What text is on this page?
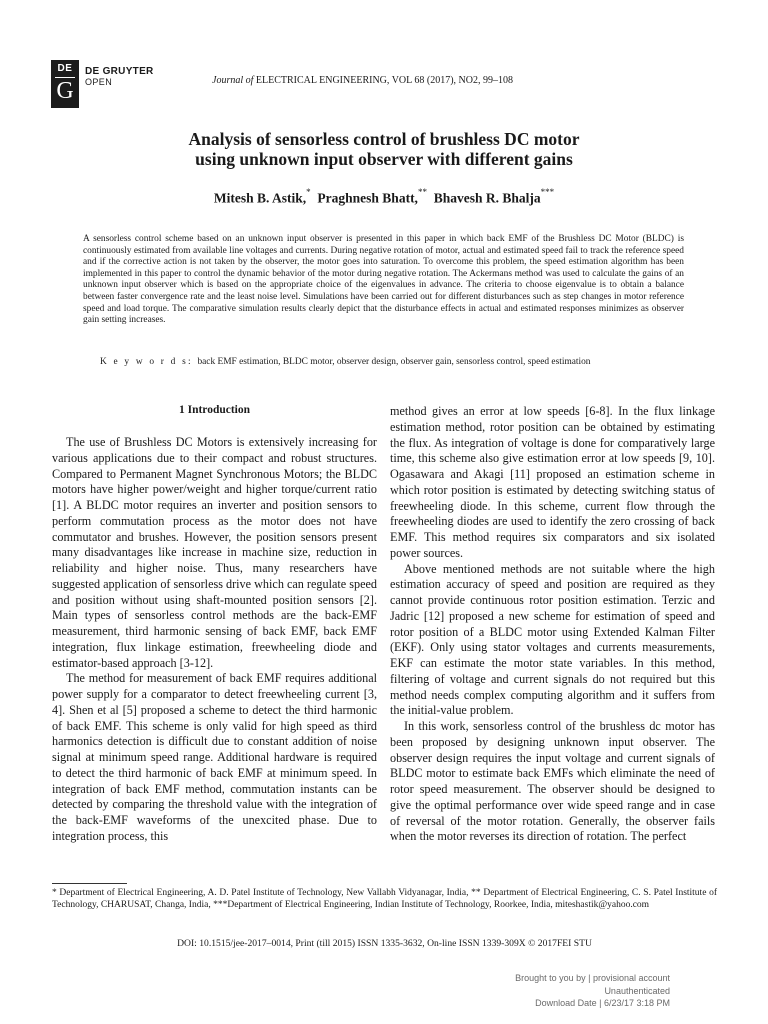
DE
G
DE GRUYTER
OPEN	Journal of ELECTRICAL ENGINEERING, VOL 68 (2017), NO2, 99–108
Analysis of sensorless control of brushless DC motor
using unknown input observer with different gains
Mitesh B. Astik,* Praghnesh Bhatt,** Bhavesh R. Bhalja***
A sensorless control scheme based on an unknown input observer is presented in this paper in which back EMF of the Brushless DC Motor (BLDC) is continuously estimated from available line voltages and currents. During negative rotation of motor, actual and estimated speed fail to track the reference speed and if the corrective action is not taken by the observer, the motor goes into saturation. To overcome this problem, the speed estimation algorithm has been implemented in this paper to control the dynamic behavior of the motor during negative rotation. The Ackermans method was used to calculate the gains of an unknown input observer which is based on the appropriate choice of the eigenvalues in advance. The criteria to choose eigenvalue is to obtain a balance between faster convergence rate and the least noise level. Simulations have been carried out for different disturbances such as step changes in motor reference speed and load torque. The comparative simulation results clearly depict that the disturbance effects in actual and estimated responses minimizes as observer gain setting increases.
K e y w o r d s: back EMF estimation, BLDC motor, observer design, observer gain, sensorless control, speed estimation
1 Introduction

The use of Brushless DC Motors is extensively increasing for various applications due to their compact and robust structures. Compared to Permanent Magnet Synchronous Motors; the BLDC motors have higher power/weight and higher torque/current ratio [1]. A BLDC motor requires an inverter and position sensors to perform commutation process as the motor does not have commutator and brushes. However, the position sensors present many disadvantages like increase in machine size, reduction in reliability and higher noise. Thus, many researchers have suggested application of sensorless drive which can regulate speed and position without using shaft-mounted position sensors [2]. Main types of sensorless control methods are the back-EMF measurement, third harmonic sensing of back EMF, back EMF integration, flux linkage estimation, freewheeling diode and estimator-based approach [3-12].

The method for measurement of back EMF requires additional power supply for a comparator to detect freewheeling current [3, 4]. Shen et al [5] proposed a scheme to detect the third harmonic of back EMF. This scheme is only valid for high speed as third harmonics detection is difficult due to constant addition of noise signal at minimum speed range. Additional hardware is required to detect the third harmonic of back EMF at minimum speed. In integration of back EMF method, commutation instants can be detected by comparing the threshold value with the integration of the back-EMF waveforms of the unexcited phase. Due to integration process, this

method gives an error at low speeds [6-8]. In the flux linkage estimation method, rotor position can be obtained by estimating the flux. As integration of voltage is done for comparatively large time, this scheme also give estimation error at low speeds [9, 10]. Ogasawara and Akagi [11] proposed an estimation scheme in which rotor position is estimated by detecting switching status of freewheeling diode. In this scheme, current flow through the freewheeling diodes are used to identify the zero crossing of back EMF. This method requires six comparators and six isolated power sources.

Above mentioned methods are not suitable where the high estimation accuracy of speed and position are required as they cannot provide continuous rotor position estimation. Terzic and Jadric [12] proposed a new scheme for estimation of speed and rotor position of a BLDC motor using Extended Kalman Filter (EKF). Only using stator voltages and currents measurements, EKF can estimate the motor state variables. In this method, filtering of voltage and current signals do not required but this method needs complex computing algorithm and it suffers from the initial-value problem.

In this work, sensorless control of the brushless dc motor has been proposed by designing unknown input observer. The observer design requires the input voltage and current signals of BLDC motor to estimate back EMFs which eliminate the need of rotor speed measurement. The observer should be designed to give the optimal performance over wide speed range and in case of reversal of the motor rotation. Generally, the observer fails when the motor reverses its direction of rotation. The perfect

* Department of Electrical Engineering, A. D. Patel Institute of Technology, New Vallabh Vidyanagar, India, ** Department of Electrical Engineering, C. S. Patel Institute of Technology, CHARUSAT, Changa, India, ***Department of Electrical Engineering, Indian Institute of Technology, Roorkee, India, miteshastik@yahoo.com
DOI: 10.1515/jee-2017–0014, Print (till 2015) ISSN 1335-3632, On-line ISSN 1339-309X © 2017FEI STU
Brought to you by | provisional account
Unauthenticated
Download Date | 6/23/17 3:18 PM
